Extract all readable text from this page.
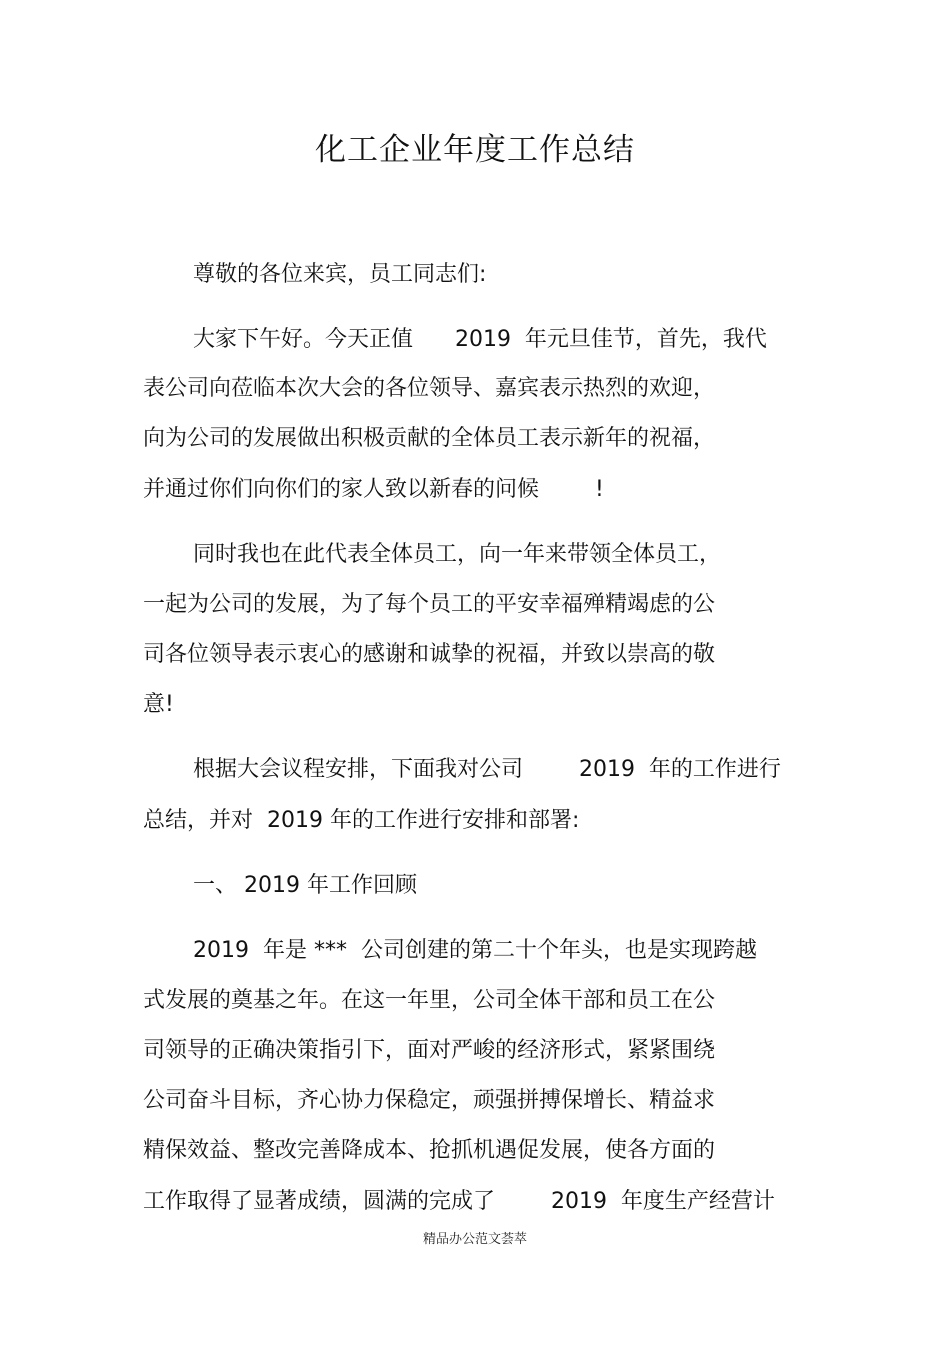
化工企业年度工作总结
尊敬的各位来宾，员工同志们:
大家下午好。今天正值      2019  年元旦佳节，首先，我代
表公司向莅临本次大会的各位领导、嘉宾表示热烈的欢迎，
向为公司的发展做出积极贡献的全体员工表示新年的祝福，
并通过你们向你们的家人致以新春的问候        !
同时我也在此代表全体员工，向一年来带领全体员工，
一起为公司的发展，为了每个员工的平安幸福殚精竭虑的公
司各位领导表示衷心的感谢和诚挚的祝福，并致以崇高的敬
意!
根据大会议程安排，下面我对公司        2019  年的工作进行
总结，并对  2019 年的工作进行安排和部署:
一、 2019 年工作回顾
2019  年是 ***  公司创建的第二十个年头，也是实现跨越
式发展的奠基之年。在这一年里，公司全体干部和员工在公
司领导的正确决策指引下，面对严峻的经济形式，紧紧围绕
公司奋斗目标，齐心协力保稳定，顽强拼搏保增长、精益求
精保效益、整改完善降成本、抢抓机遇促发展，使各方面的
工作取得了显著成绩，圆满的完成了        2019  年度生产经营计
精品办公范文荟萃
